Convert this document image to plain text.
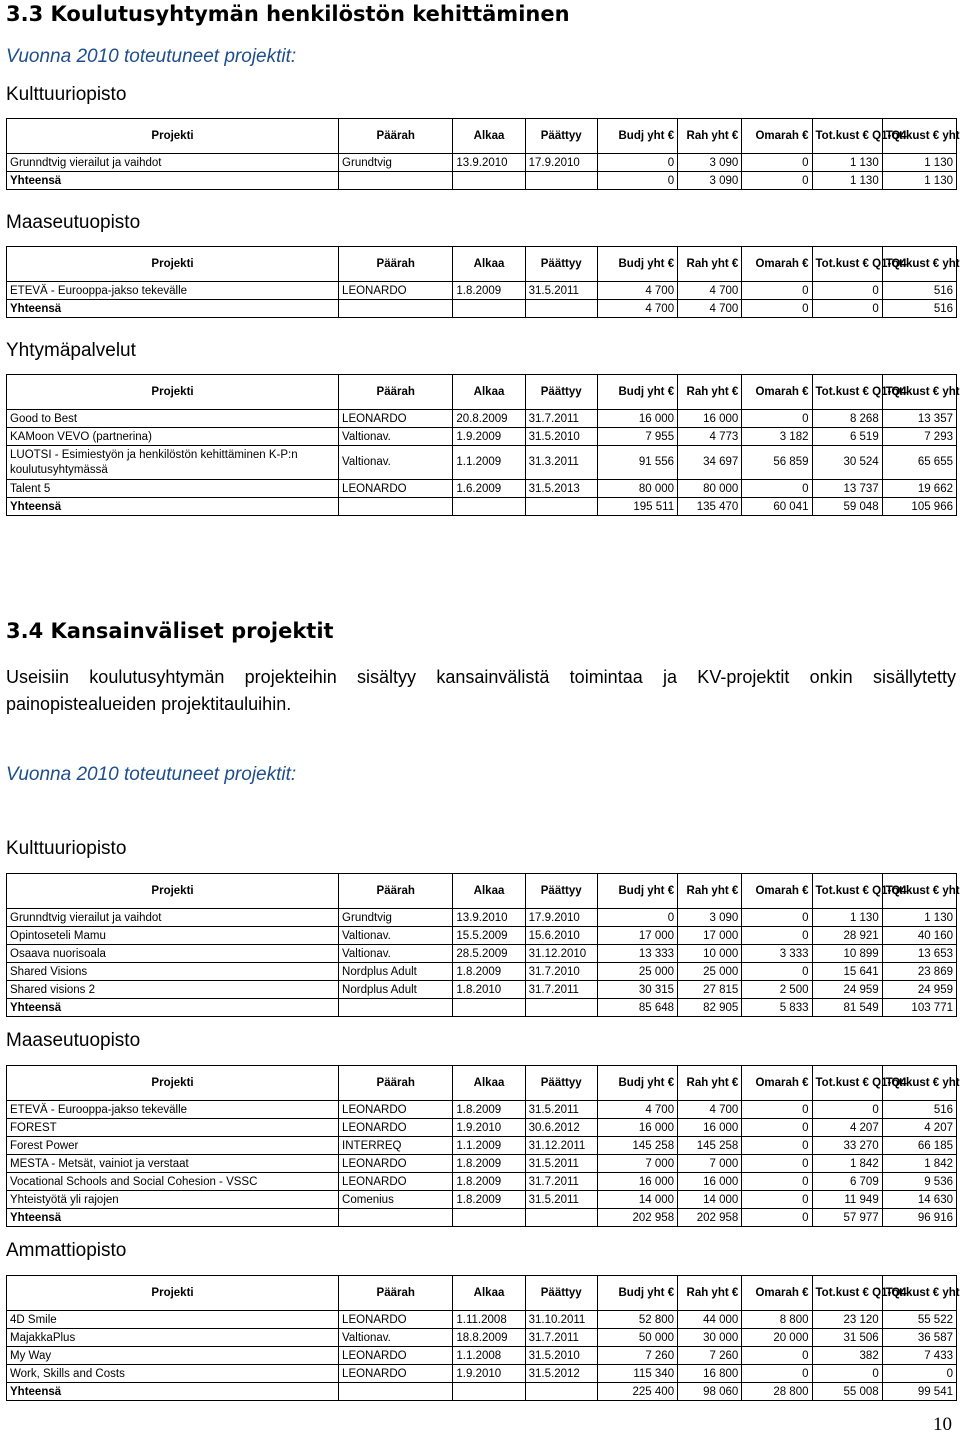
3.3 Koulutusyhtymän henkilöstön kehittäminen
Vuonna 2010 toteutuneet projektit:
Kulttuuriopisto
Projekti	Päärah	Alkaa	Päättyy	Budj yht €	Rah yht €	Omarah €	Tot.kust € Q1-Q4	Tot.kust € yht
Grunndtvig vierailut ja vaihdot	Grundtvig	13.9.2010	17.9.2010	0	3 090	0	1 130	1 130
Yhteensä				0	3 090	0	1 130	1 130
Maaseutuopisto
Projekti	Päärah	Alkaa	Päättyy	Budj yht €	Rah yht €	Omarah €	Tot.kust € Q1-Q4	Tot.kust € yht
ETEVÄ - Eurooppa-jakso tekevälle	LEONARDO	1.8.2009	31.5.2011	4 700	4 700	0	0	516
Yhteensä				4 700	4 700	0	0	516
Yhtymäpalvelut
Projekti	Päärah	Alkaa	Päättyy	Budj yht €	Rah yht €	Omarah €	Tot.kust € Q1-Q4	Tot.kust € yht
Good to Best	LEONARDO	20.8.2009	31.7.2011	16 000	16 000	0	8 268	13 357
KAMoon VEVO (partnerina)	Valtionav.	1.9.2009	31.5.2010	7 955	4 773	3 182	6 519	7 293
LUOTSI - Esimiestyön ja henkilöstön kehittäminen K-P:n koulutusyhtymässä	Valtionav.	1.1.2009	31.3.2011	91 556	34 697	56 859	30 524	65 655
Talent 5	LEONARDO	1.6.2009	31.5.2013	80 000	80 000	0	13 737	19 662
Yhteensä				195 511	135 470	60 041	59 048	105 966
3.4 Kansainväliset projektit

Useisiin koulutusyhtymän projekteihin sisältyy kansainvälistä toimintaa ja KV-projektit onkin sisällytetty painopistealueiden projektitauluihin.

Vuonna 2010 toteutuneet projektit:
Kulttuuriopisto
Projekti	Päärah	Alkaa	Päättyy	Budj yht €	Rah yht €	Omarah €	Tot.kust € Q1-Q4	Tot.kust € yht
Grunndtvig vierailut ja vaihdot	Grundtvig	13.9.2010	17.9.2010	0	3 090	0	1 130	1 130
Opintoseteli Mamu	Valtionav.	15.5.2009	15.6.2010	17 000	17 000	0	28 921	40 160
Osaava nuorisoala	Valtionav.	28.5.2009	31.12.2010	13 333	10 000	3 333	10 899	13 653
Shared Visions	Nordplus Adult	1.8.2009	31.7.2010	25 000	25 000	0	15 641	23 869
Shared visions 2	Nordplus Adult	1.8.2010	31.7.2011	30 315	27 815	2 500	24 959	24 959
Yhteensä				85 648	82 905	5 833	81 549	103 771
Maaseutuopisto
Projekti	Päärah	Alkaa	Päättyy	Budj yht €	Rah yht €	Omarah €	Tot.kust € Q1-Q4	Tot.kust € yht
ETEVÄ - Eurooppa-jakso tekevälle	LEONARDO	1.8.2009	31.5.2011	4 700	4 700	0	0	516
FOREST	LEONARDO	1.9.2010	30.6.2012	16 000	16 000	0	4 207	4 207
Forest Power	INTERREQ	1.1.2009	31.12.2011	145 258	145 258	0	33 270	66 185
MESTA - Metsät, vainiot ja verstaat	LEONARDO	1.8.2009	31.5.2011	7 000	7 000	0	1 842	1 842
Vocational Schools and Social Cohesion - VSSC	LEONARDO	1.8.2009	31.7.2011	16 000	16 000	0	6 709	9 536
Yhteistyötä yli rajojen	Comenius	1.8.2009	31.5.2011	14 000	14 000	0	11 949	14 630
Yhteensä				202 958	202 958	0	57 977	96 916
Ammattiopisto
Projekti	Päärah	Alkaa	Päättyy	Budj yht €	Rah yht €	Omarah €	Tot.kust € Q1-Q4	Tot.kust € yht
4D Smile	LEONARDO	1.11.2008	31.10.2011	52 800	44 000	8 800	23 120	55 522
MajakkaPlus	Valtionav.	18.8.2009	31.7.2011	50 000	30 000	20 000	31 506	36 587
My Way	LEONARDO	1.1.2008	31.5.2010	7 260	7 260	0	382	7 433
Work, Skills and Costs	LEONARDO	1.9.2010	31.5.2012	115 340	16 800	0	0	0
Yhteensä				225 400	98 060	28 800	55 008	99 541
10
